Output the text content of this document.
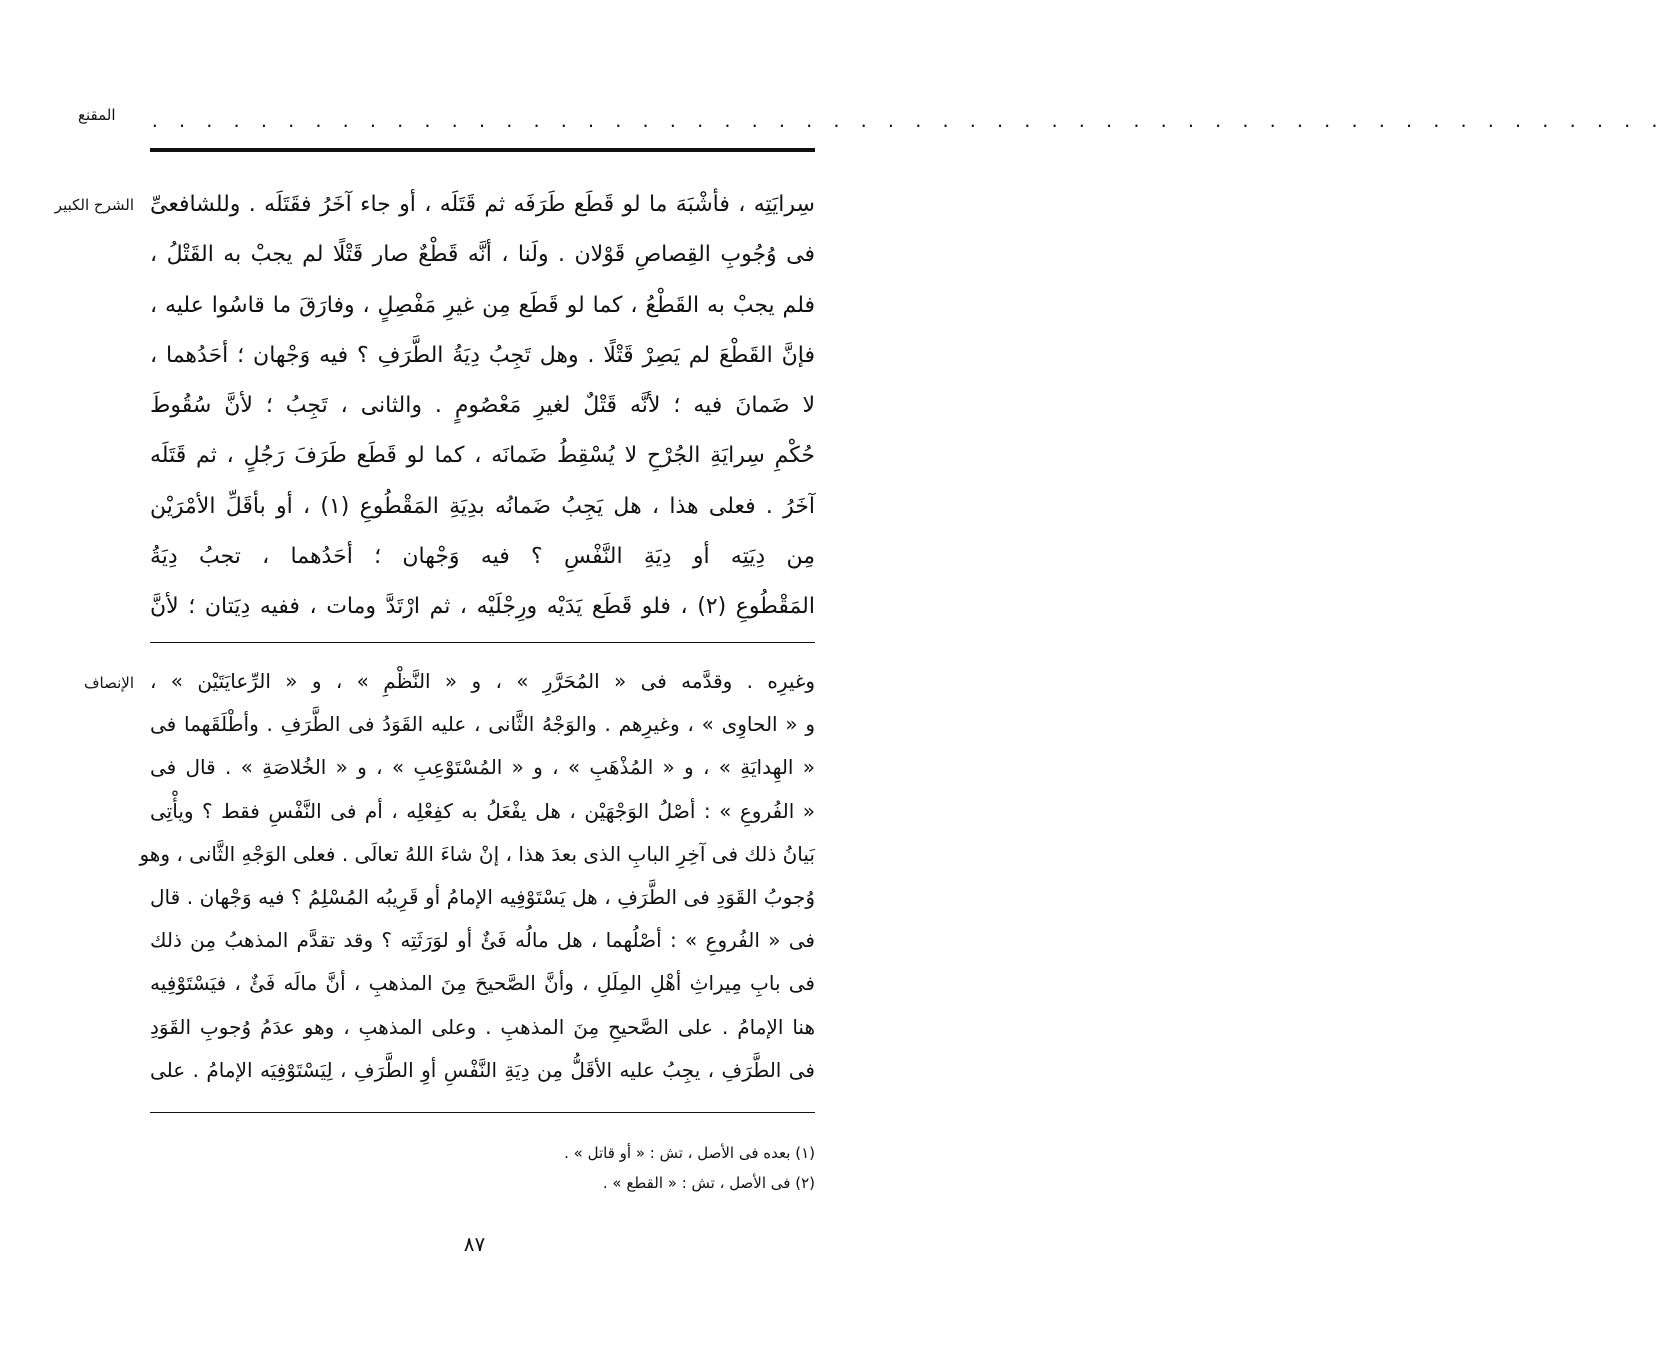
المقنع . . . . . . . . . . . . . . . . . . . . . . . . . . . . . . . . . . . . . . . . . . . . . . . . . . . . . . . .
الشرح الكبير سِرايَتِه ، فأشْبَهَ ما لو قَطَع طَرَفَه ثم قَتَلَه ، أو جاء آخَرُ فقَتَلَه . وللشافعىِّ
فى وُجُوبِ القِصاصِ قَوْلان . ولَنا ، أنَّه قَطْعٌ صار قَتْلًا لم يجبْ به القَتْلُ ،
فلم يجبْ به القَطْعُ ، كما لو قَطَع مِن غيرِ مَفْصِلٍ ، وفارَقَ ما قاسُوا عليه ،
فإنَّ القَطْعَ لم يَصِرْ قَتْلًا . وهل تَجِبُ دِيَةُ الطَّرَفِ ؟ فيه وَجْهان ؛ أحَدُهما ،
لا ضَمانَ فيه ؛ لأنَّه قَتْلٌ لغيرِ مَعْصُومٍ . والثانى ، تَجِبُ ؛ لأنَّ سُقُوطَ
حُكْمِ سِرايَةِ الجُرْحِ لا يُسْقِطُ ضَمانَه ، كما لو قَطَع طَرَفَ رَجُلٍ ، ثم قَتَلَه
آخَرُ . فعلى هذا ، هل يَجِبُ ضَمانُه بدِيَةِ المَقْطُوعِ (١) ، أو بأقَلِّ الأمْرَيْن
مِن دِيَتِه أو دِيَةِ النَّفْسِ ؟ فيه وَجْهان ؛ أحَدُهما ، تجبُ دِيَةُ
المَقْطُوعِ (٢) ، فلو قَطَع يَدَيْه ورِجْلَيْه ، ثم ارْتَدَّ ومات ، ففيه دِيَتان ؛ لأنَّ
الإنصاف وغيرِه . وقدَّمه فى « المُحَرَّرِ » ، و « النَّظْمِ » ، و « الرِّعايَتَيْن » ،
و « الحاوِى » ، وغيرِهم . والوَجْهُ الثَّانى ، عليه القَوَدُ فى الطَّرَفِ . وأطْلَقَهما فى
« الهِدايَةِ » ، و « المُذْهَبِ » ، و « المُسْتَوْعِبِ » ، و « الخُلاصَةِ » . قال فى
« الفُروعِ » : أصْلُ الوَجْهَيْن ، هل يفْعَلُ به كفِعْلِه ، أم فى النَّفْسِ فقط ؟ ويأْتِى
بَيانُ ذلك فى آخِرِ البابِ الذى بعدَ هذا ، إنْ شاءَ اللهُ تعالَى . فعلى الوَجْهِ الثَّانى ، وهو
وُجوبُ القَوَدِ فى الطَّرَفِ ، هل يَسْتَوْفِيه الإمامُ أو قَرِيبُه المُسْلِمُ ؟ فيه وَجْهان . قال
فى « الفُروعِ » : أصْلُهما ، هل مالُه فَئٌ أو لوَرَثَتِه ؟ وقد تقدَّم المذهبُ مِن ذلك
فى بابِ مِيراثِ أهْلِ المِلَلِ ، وأنَّ الصَّحيحَ مِنَ المذهبِ ، أنَّ مالَه فَئٌ ، فيَسْتَوْفِيه
هنا الإمامُ . على الصَّحيحِ مِنَ المذهبِ . وعلى المذهبِ ، وهو عدَمُ وُجوبِ القَوَدِ
فى الطَّرَفِ ، يجِبُ عليه الأقَلُّ مِن دِيَةِ النَّفْسِ أوِ الطَّرَفِ ، لِيَسْتَوْفِيَه الإمامُ . على
(١) بعده فى الأصل ، تش : « أو قاتل » .
(٢) فى الأصل ، تش : « القطع » .
٨٧
